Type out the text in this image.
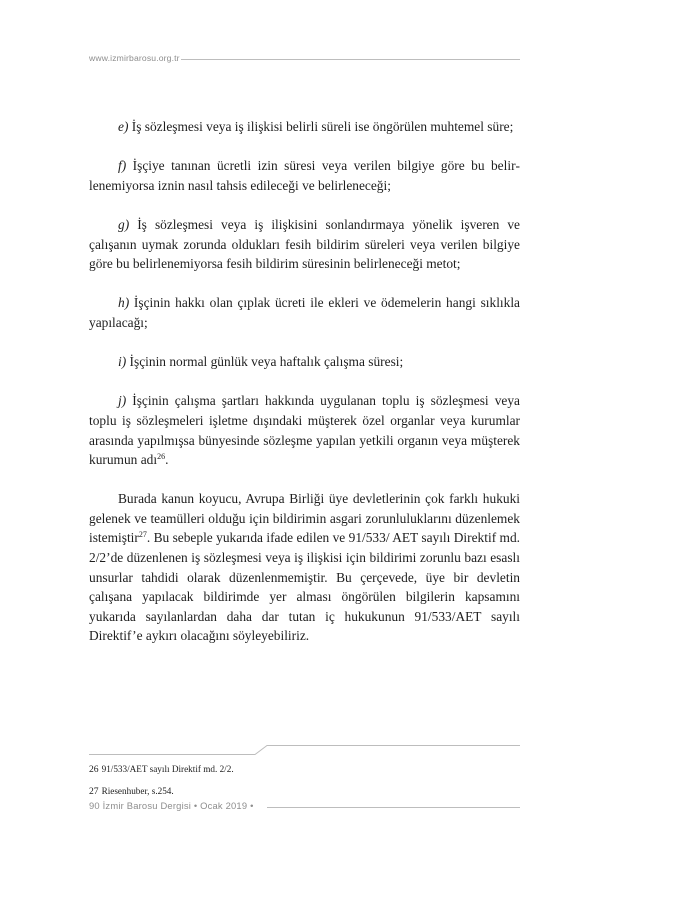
www.izmirbarosu.org.tr

e) İş sözleşmesi veya iş ilişkisi belirli süreli ise öngörülen muhtemel süre;

f) İşçiye tanınan ücretli izin süresi veya verilen bilgiye göre bu belirlenemiyorsa iznin nasıl tahsis edileceği ve belirleneceği;

g) İş sözleşmesi veya iş ilişkisini sonlandırmaya yönelik işveren ve çalışanın uymak zorunda oldukları fesih bildirim süreleri veya verilen bilgiye göre bu belirlenemiyorsa fesih bildirim süresinin belirleneceği metot;

h) İşçinin hakkı olan çıplak ücreti ile ekleri ve ödemelerin hangi sıklıkla yapılacağı;

i) İşçinin normal günlük veya haftalık çalışma süresi;

j) İşçinin çalışma şartları hakkında uygulanan toplu iş sözleşmesi veya toplu iş sözleşmeleri işletme dışındaki müşterek özel organlar veya kurumlar arasında yapılmışsa bünyesinde sözleşme yapılan yetkili organın veya müşterek kurumun adı$^{26}$.

Burada kanun koyucu, Avrupa Birliği üye devletlerinin çok farklı hukuki gelenek ve teamülleri olduğu için bildirimin asgari zorunluluklarını düzenlemek istemiştir$^{27}$. Bu sebeple yukarıda ifade edilen ve 91/533/ AET sayılı Direktif md. 2/2’de düzenlenen iş sözleşmesi veya iş ilişkisi için bildirimi zorunlu bazı esaslı unsurlar tahdidi olarak düzenlenmemiştir. Bu çerçevede, üye bir devletin çalışana yapılacak bildirimde yer alması öngörülen bilgilerin kapsamını yukarıda sayılanlardan daha dar tutan iç hukukunun 91/533/AET sayılı Direktif’e aykırı olacağını söyleyebiliriz.

26 91/533/AET sayılı Direktif md. 2/2.
27 Riesenhuber, s.254.
90 İzmir Barosu Dergisi • Ocak 2019 •
